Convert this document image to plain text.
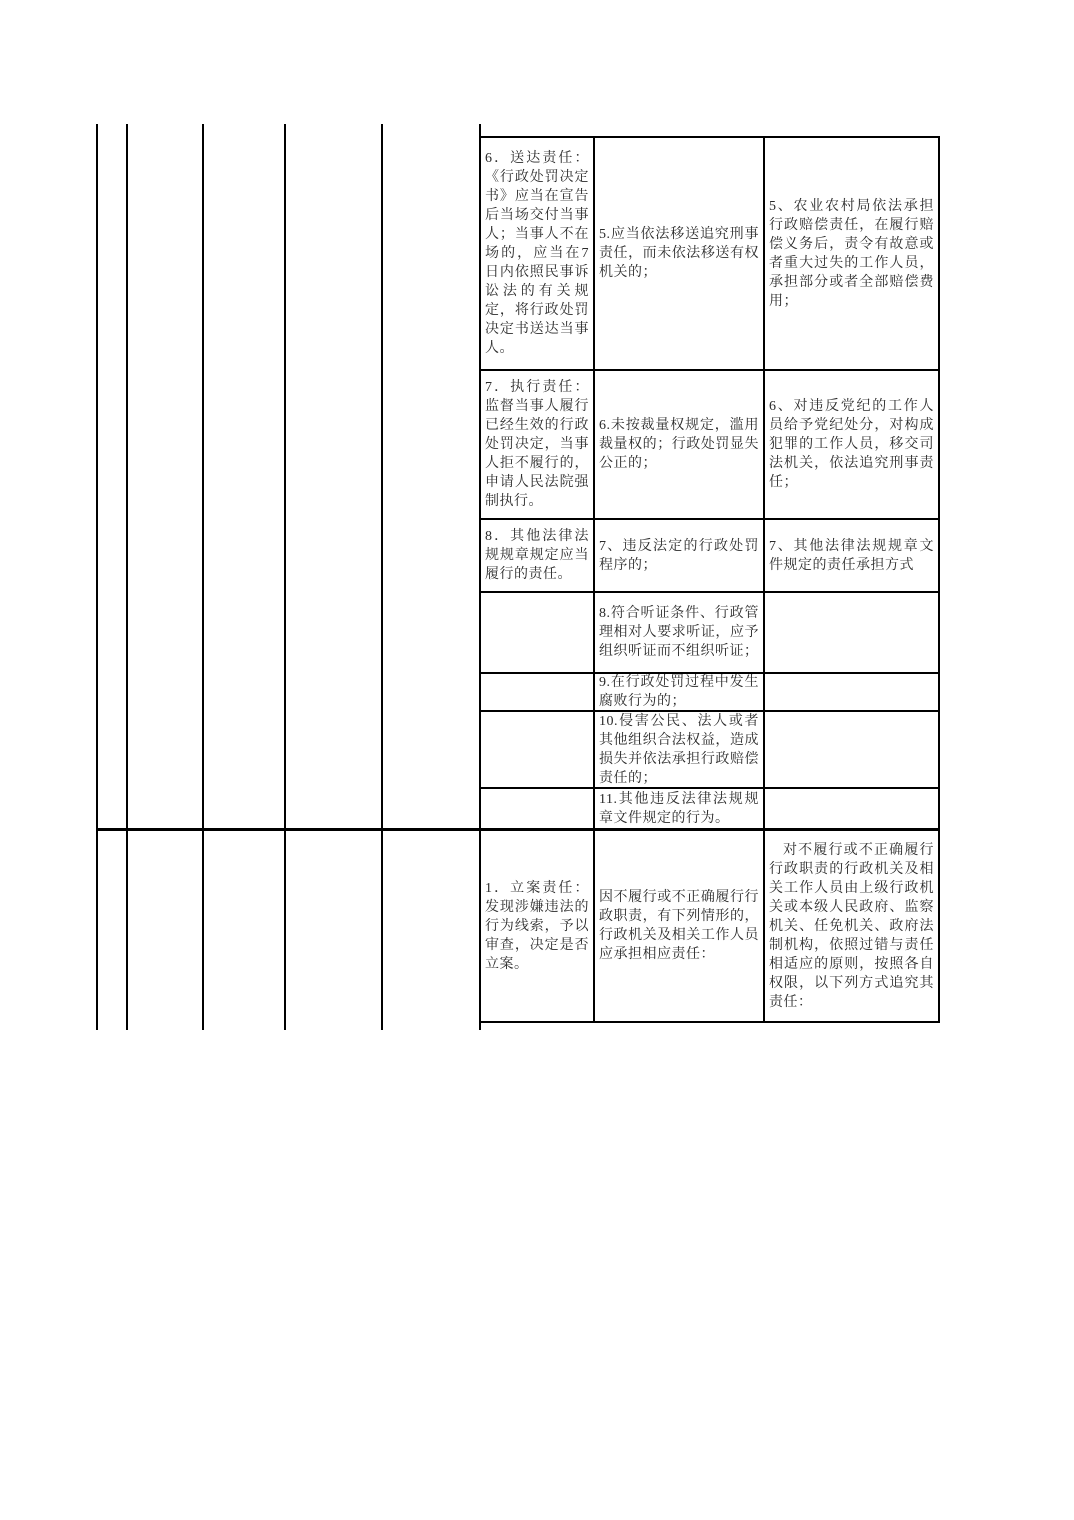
6．送达责任：《行政处罚决定书》应当在宣告后当场交付当事人；当事人不在场的，应当在7日内依照民事诉讼法的有关规定，将行政处罚决定书送达当事人。
5.应当依法移送追究刑事责任，而未依法移送有权机关的；
5、农业农村局依法承担行政赔偿责任，在履行赔偿义务后，责令有故意或者重大过失的工作人员，承担部分或者全部赔偿费用；
7．执行责任：监督当事人履行已经生效的行政处罚决定，当事人拒不履行的，申请人民法院强制执行。
6.未按裁量权规定，滥用裁量权的；行政处罚显失公正的；
6、对违反党纪的工作人员给予党纪处分，对构成犯罪的工作人员，移交司法机关，依法追究刑事责任；
8．其他法律法规规章规定应当履行的责任。
7、违反法定的行政处罚程序的；
7、其他法律法规规章文件规定的责任承担方式
8.符合听证条件、行政管理相对人要求听证，应予组织听证而不组织听证；
9.在行政处罚过程中发生腐败行为的；
10.侵害公民、法人或者其他组织合法权益，造成损失并依法承担行政赔偿责任的；
11.其他违反法律法规规章文件规定的行为。
1．立案责任：发现涉嫌违法的行为线索，予以审查，决定是否立案。
因不履行或不正确履行行政职责，有下列情形的，行政机关及相关工作人员应承担相应责任：
对不履行或不正确履行行政职责的行政机关及相关工作人员由上级行政机关或本级人民政府、监察机关、任免机关、政府法制机构，依照过错与责任相适应的原则，按照各自权限，以下列方式追究其责任：
